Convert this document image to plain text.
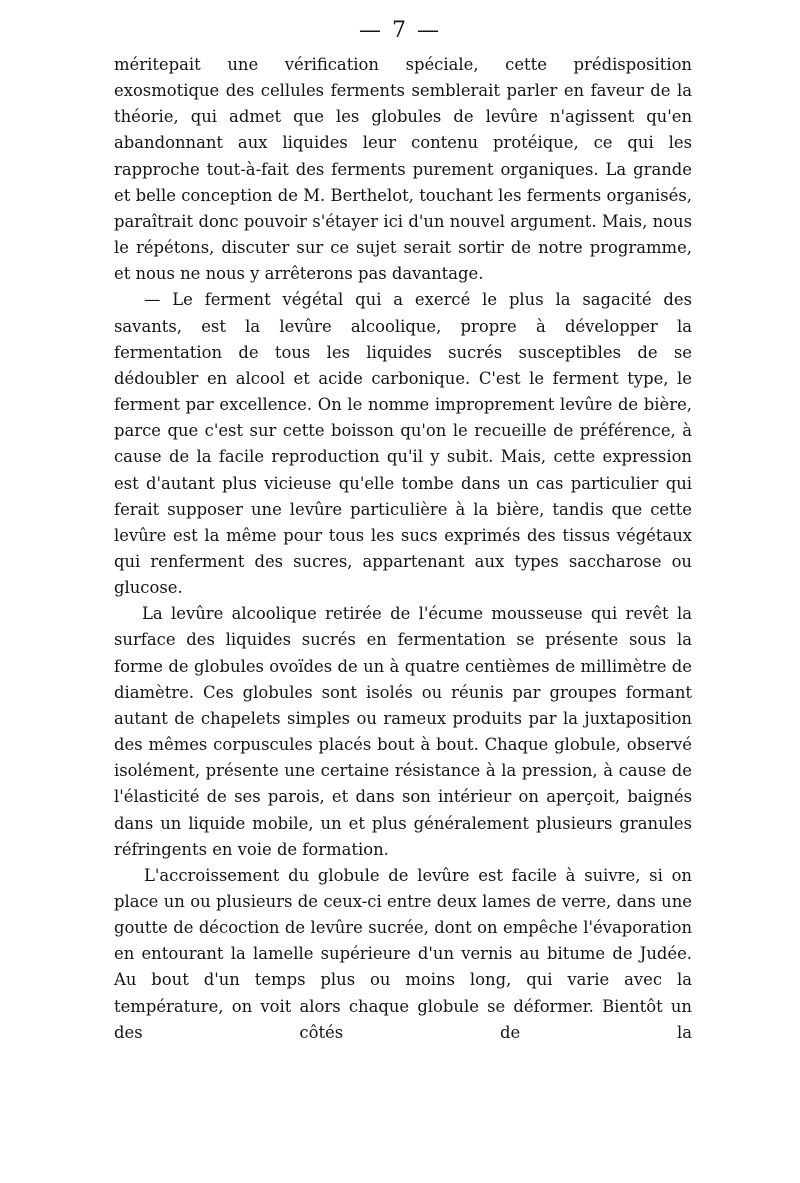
— 7 —

méritерait une vérification spéciale, cette prédisposition exosmotique des cellules ferments semblerait parler en faveur de la théorie, qui admet que les globules de levûre n'agissent qu'en abandonnant aux liquides leur contenu protéique, ce qui les rapproche tout-à-fait des ferments purement organiques. La grande et belle conception de M. Berthelot, touchant les ferments organisés, paraîtrait donc pouvoir s'étayer ici d'un nouvel argument. Mais, nous le répétons, discuter sur ce sujet serait sortir de notre programme, et nous ne nous y arrêterons pas davantage.

— Le ferment végétal qui a exercé le plus la sagacité des savants, est la levûre alcoolique, propre à développer la fermentation de tous les liquides sucrés susceptibles de se dédoubler en alcool et acide carbonique. C'est le ferment type, le ferment par excellence. On le nomme improprement levûre de bière, parce que c'est sur cette boisson qu'on le recueille de préférence, à cause de la facile reproduction qu'il y subit. Mais, cette expression est d'autant plus vicieuse qu'elle tombe dans un cas particulier qui ferait supposer une levûre particulière à la bière, tandis que cette levûre est la même pour tous les sucs exprimés des tissus végétaux qui renferment des sucres, appartenant aux types saccharose ou glucose.

La levûre alcoolique retirée de l'écume mousseuse qui revêt la surface des liquides sucrés en fermentation se présente sous la forme de globules ovoïdes de un à quatre centièmes de millimètre de diamètre. Ces globules sont isolés ou réunis par groupes formant autant de chapelets simples ou rameux produits par la juxtaposition des mêmes corpuscules placés bout à bout. Chaque globule, observé isolément, présente une certaine résistance à la pression, à cause de l'élasticité de ses parois, et dans son intérieur on aperçoit, baignés dans un liquide mobile, un et plus généralement plusieurs granules réfringents en voie de formation.

L'accroissement du globule de levûre est facile à suivre, si on place un ou plusieurs de ceux-ci entre deux lames de verre, dans une goutte de décoction de levûre sucrée, dont on empêche l'évaporation en entourant la lamelle supérieure d'un vernis au bitume de Judée. Au bout d'un temps plus ou moins long, qui varie avec la température, on voit alors chaque globule se déformer. Bientôt un des côtés de la
